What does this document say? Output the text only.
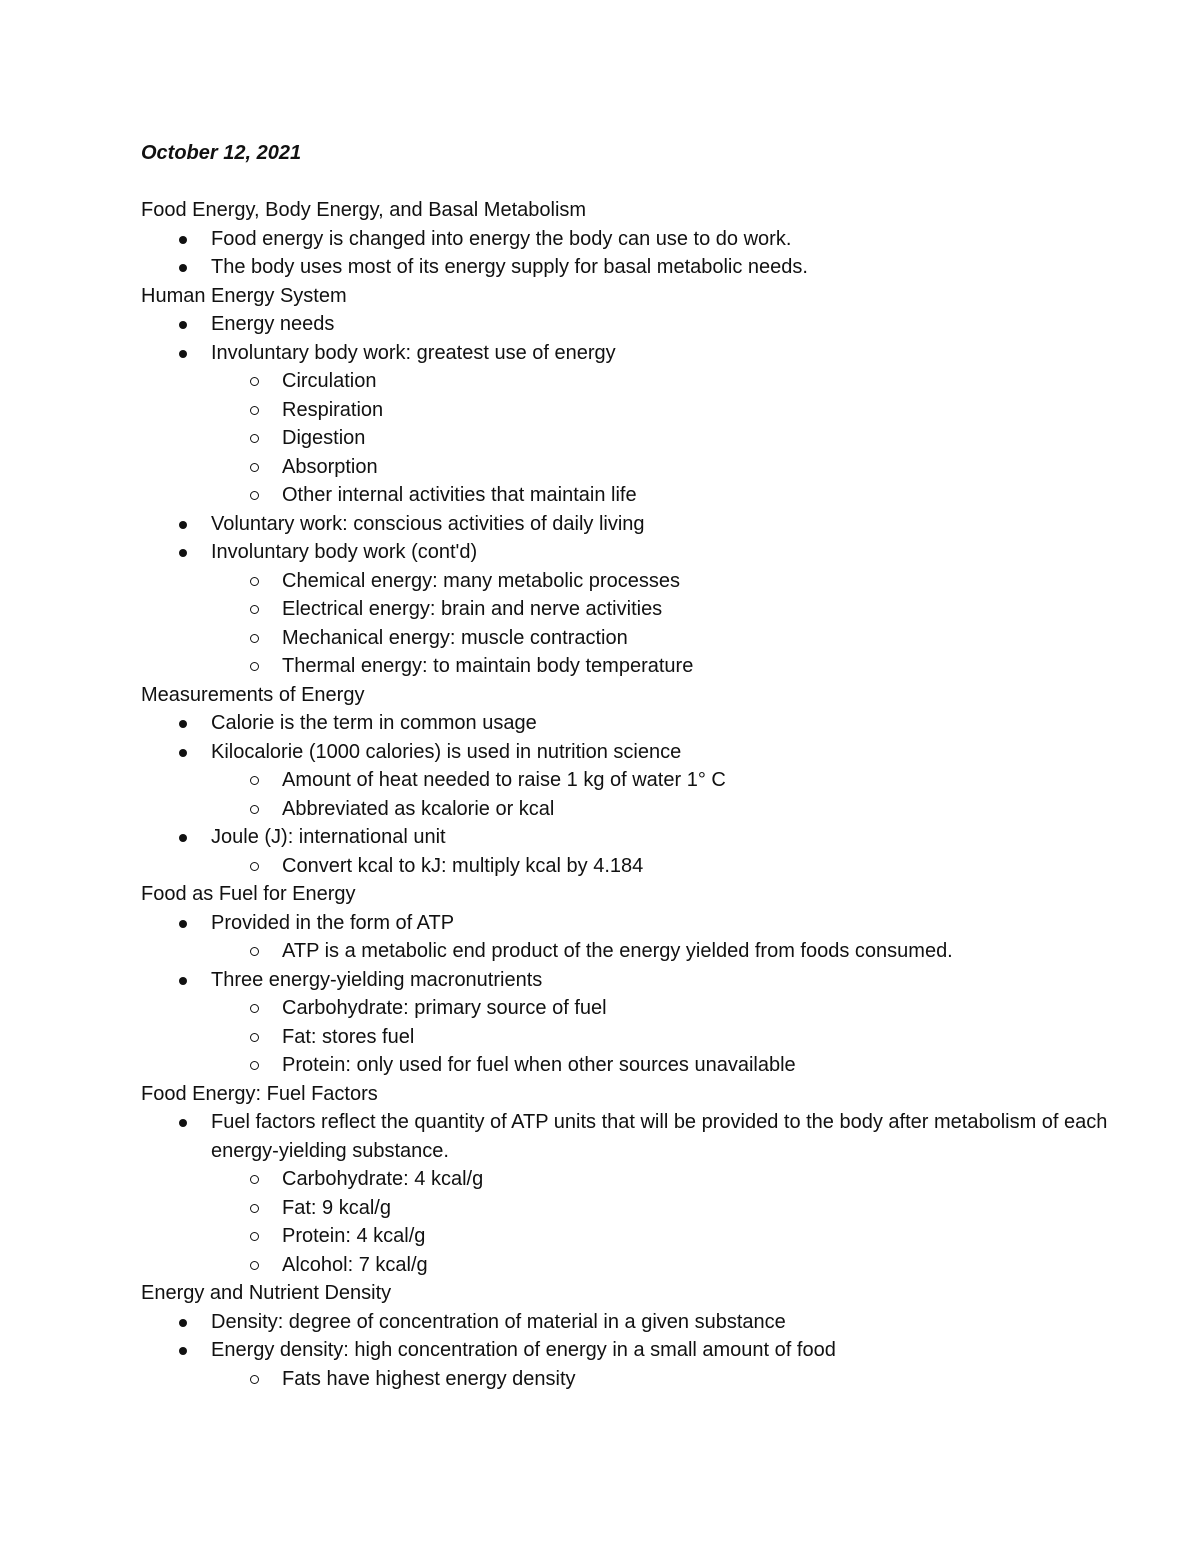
October 12, 2021
Food Energy, Body Energy, and Basal Metabolism
Food energy is changed into energy the body can use to do work.
The body uses most of its energy supply for basal metabolic needs.
Human Energy System
Energy needs
Involuntary body work: greatest use of energy
Circulation
Respiration
Digestion
Absorption
Other internal activities that maintain life
Voluntary work: conscious activities of daily living
Involuntary body work (cont'd)
Chemical energy: many metabolic processes
Electrical energy: brain and nerve activities
Mechanical energy: muscle contraction
Thermal energy: to maintain body temperature
Measurements of Energy
Calorie is the term in common usage
Kilocalorie (1000 calories) is used in nutrition science
Amount of heat needed to raise 1 kg of water 1° C
Abbreviated as kcalorie or kcal
Joule (J): international unit
Convert kcal to kJ: multiply kcal by 4.184
Food as Fuel for Energy
Provided in the form of ATP
ATP is a metabolic end product of the energy yielded from foods consumed.
Three energy-yielding macronutrients
Carbohydrate: primary source of fuel
Fat: stores fuel
Protein: only used for fuel when other sources unavailable
Food Energy: Fuel Factors
Fuel factors reflect the quantity of ATP units that will be provided to the body after metabolism of each energy-yielding substance.
Carbohydrate: 4 kcal/g
Fat: 9 kcal/g
Protein: 4 kcal/g
Alcohol: 7 kcal/g
Energy and Nutrient Density
Density: degree of concentration of material in a given substance
Energy density: high concentration of energy in a small amount of food
Fats have highest energy density
